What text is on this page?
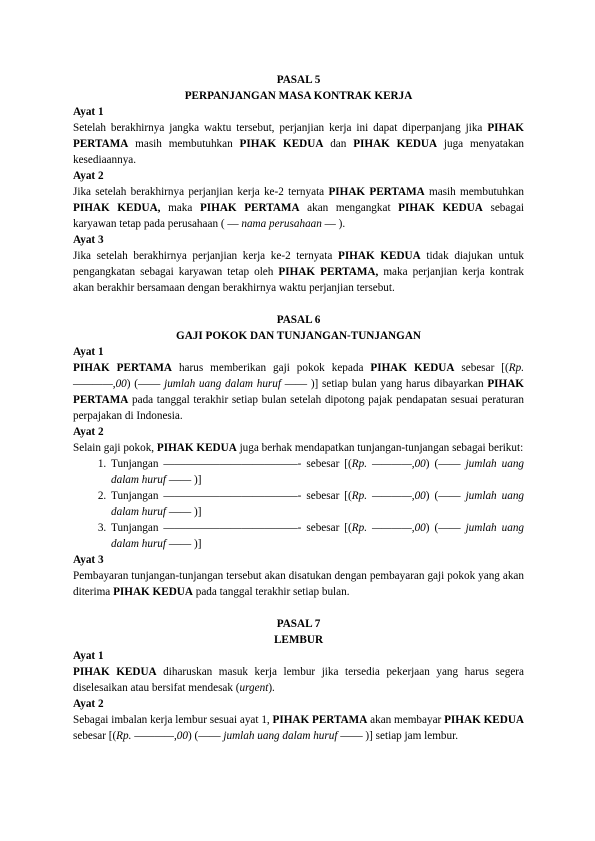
PASAL 5
PERPANJANGAN MASA KONTRAK KERJA
Ayat 1
Setelah berakhirnya jangka waktu tersebut, perjanjian kerja ini dapat diperpanjang jika PIHAK PERTAMA masih membutuhkan PIHAK KEDUA dan PIHAK KEDUA juga menyatakan kesediaannya.
Ayat 2
Jika setelah berakhirnya perjanjian kerja ke-2 ternyata PIHAK PERTAMA masih membutuhkan PIHAK KEDUA, maka PIHAK PERTAMA akan mengangkat PIHAK KEDUA sebagai karyawan tetap pada perusahaan ( — nama perusahaan — ).
Ayat 3
Jika setelah berakhirnya perjanjian kerja ke-2 ternyata PIHAK KEDUA tidak diajukan untuk pengangkatan sebagai karyawan tetap oleh PIHAK PERTAMA, maka perjanjian kerja kontrak akan berakhir bersamaan dengan berakhirnya waktu perjanjian tersebut.
PASAL 6
GAJI POKOK DAN TUNJANGAN-TUNJANGAN
Ayat 1
PIHAK PERTAMA harus memberikan gaji pokok kepada PIHAK KEDUA sebesar [(Rp. ————,00) (—— jumlah uang dalam huruf —— )] setiap bulan yang harus dibayarkan PIHAK PERTAMA pada tanggal terakhir setiap bulan setelah dipotong pajak pendapatan sesuai peraturan perpajakan di Indonesia.
Ayat 2
Selain gaji pokok, PIHAK KEDUA juga berhak mendapatkan tunjangan-tunjangan sebagai berikut:
1. Tunjangan ————————————- sebesar [(Rp. ————,00) (—— jumlah uang dalam huruf —— )]
2. Tunjangan ————————————- sebesar [(Rp. ————,00) (—— jumlah uang dalam huruf —— )]
3. Tunjangan ————————————- sebesar [(Rp. ————,00) (—— jumlah uang dalam huruf —— )]
Ayat 3
Pembayaran tunjangan-tunjangan tersebut akan disatukan dengan pembayaran gaji pokok yang akan diterima PIHAK KEDUA pada tanggal terakhir setiap bulan.
PASAL 7
LEMBUR
Ayat 1
PIHAK KEDUA diharuskan masuk kerja lembur jika tersedia pekerjaan yang harus segera diselesaikan atau bersifat mendesak (urgent).
Ayat 2
Sebagai imbalan kerja lembur sesuai ayat 1, PIHAK PERTAMA akan membayar PIHAK KEDUA sebesar [(Rp. ————,00) (—— jumlah uang dalam huruf —— )] setiap jam lembur.
